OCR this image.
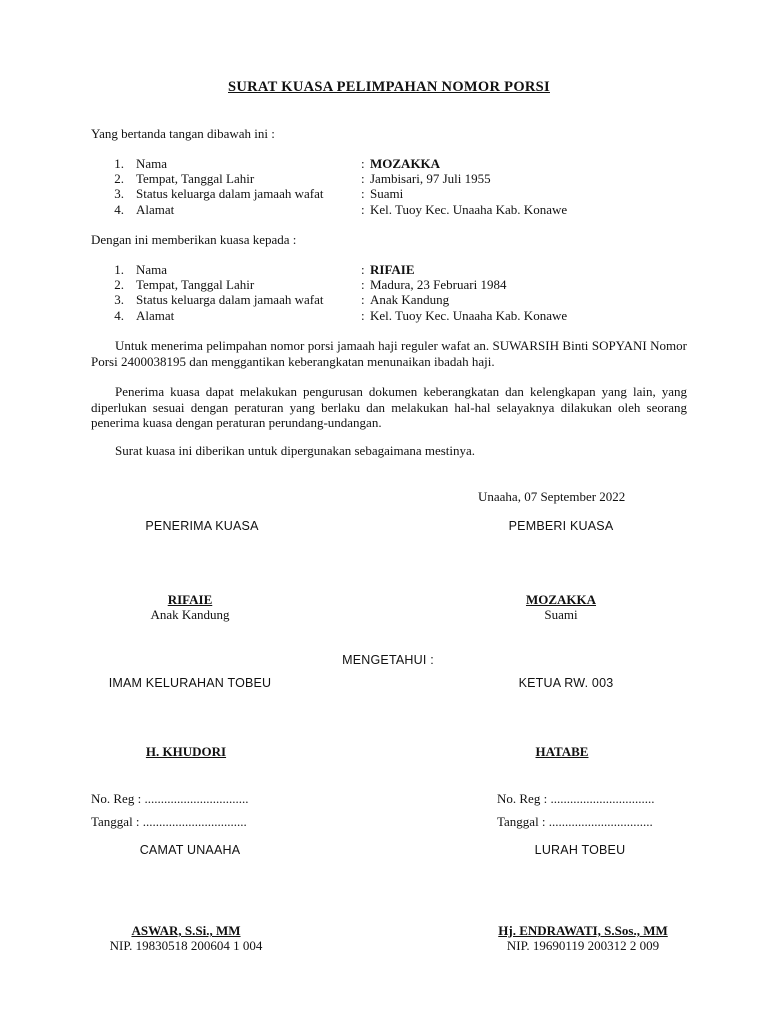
SURAT KUASA PELIMPAHAN NOMOR PORSI
Yang bertanda tangan dibawah ini :
1. Nama	: MOZAKKA
2. Tempat, Tanggal Lahir	: Jambisari, 97 Juli 1955
3. Status keluarga dalam jamaah wafat	: Suami
4. Alamat	: Kel. Tuoy Kec. Unaaha Kab. Konawe
Dengan ini memberikan kuasa kepada :
1. Nama	: RIFAIE
2. Tempat, Tanggal Lahir	: Madura, 23 Februari 1984
3. Status keluarga dalam jamaah wafat	: Anak Kandung
4. Alamat	: Kel. Tuoy Kec. Unaaha Kab. Konawe
Untuk menerima pelimpahan nomor porsi jamaah haji reguler wafat an. SUWARSIH Binti SOPYANI Nomor Porsi 2400038195 dan menggantikan keberangkatan menunaikan ibadah haji.
Penerima kuasa dapat melakukan pengurusan dokumen keberangkatan dan kelengkapan yang lain, yang diperlukan sesuai dengan peraturan yang berlaku dan melakukan hal-hal selayaknya dilakukan oleh seorang penerima kuasa dengan peraturan perundang-undangan.
Surat kuasa ini diberikan untuk dipergunakan sebagaimana mestinya.
Unaaha, 07 September 2022
PENERIMA KUASA	PEMBERI KUASA
RIFAIE
Anak Kandung
MOZAKKA
Suami
MENGETAHUI :
IMAM KELURAHAN TOBEU	KETUA RW. 003
H. KHUDORI	HATABE
No. Reg : ................................
Tanggal : ................................
No. Reg : ................................
Tanggal : ................................
CAMAT UNAAHA	LURAH TOBEU
ASWAR, S.Si., MM
NIP. 19830518 200604 1 004
Hj. ENDRAWATI, S.Sos., MM
NIP. 19690119 200312 2 009
